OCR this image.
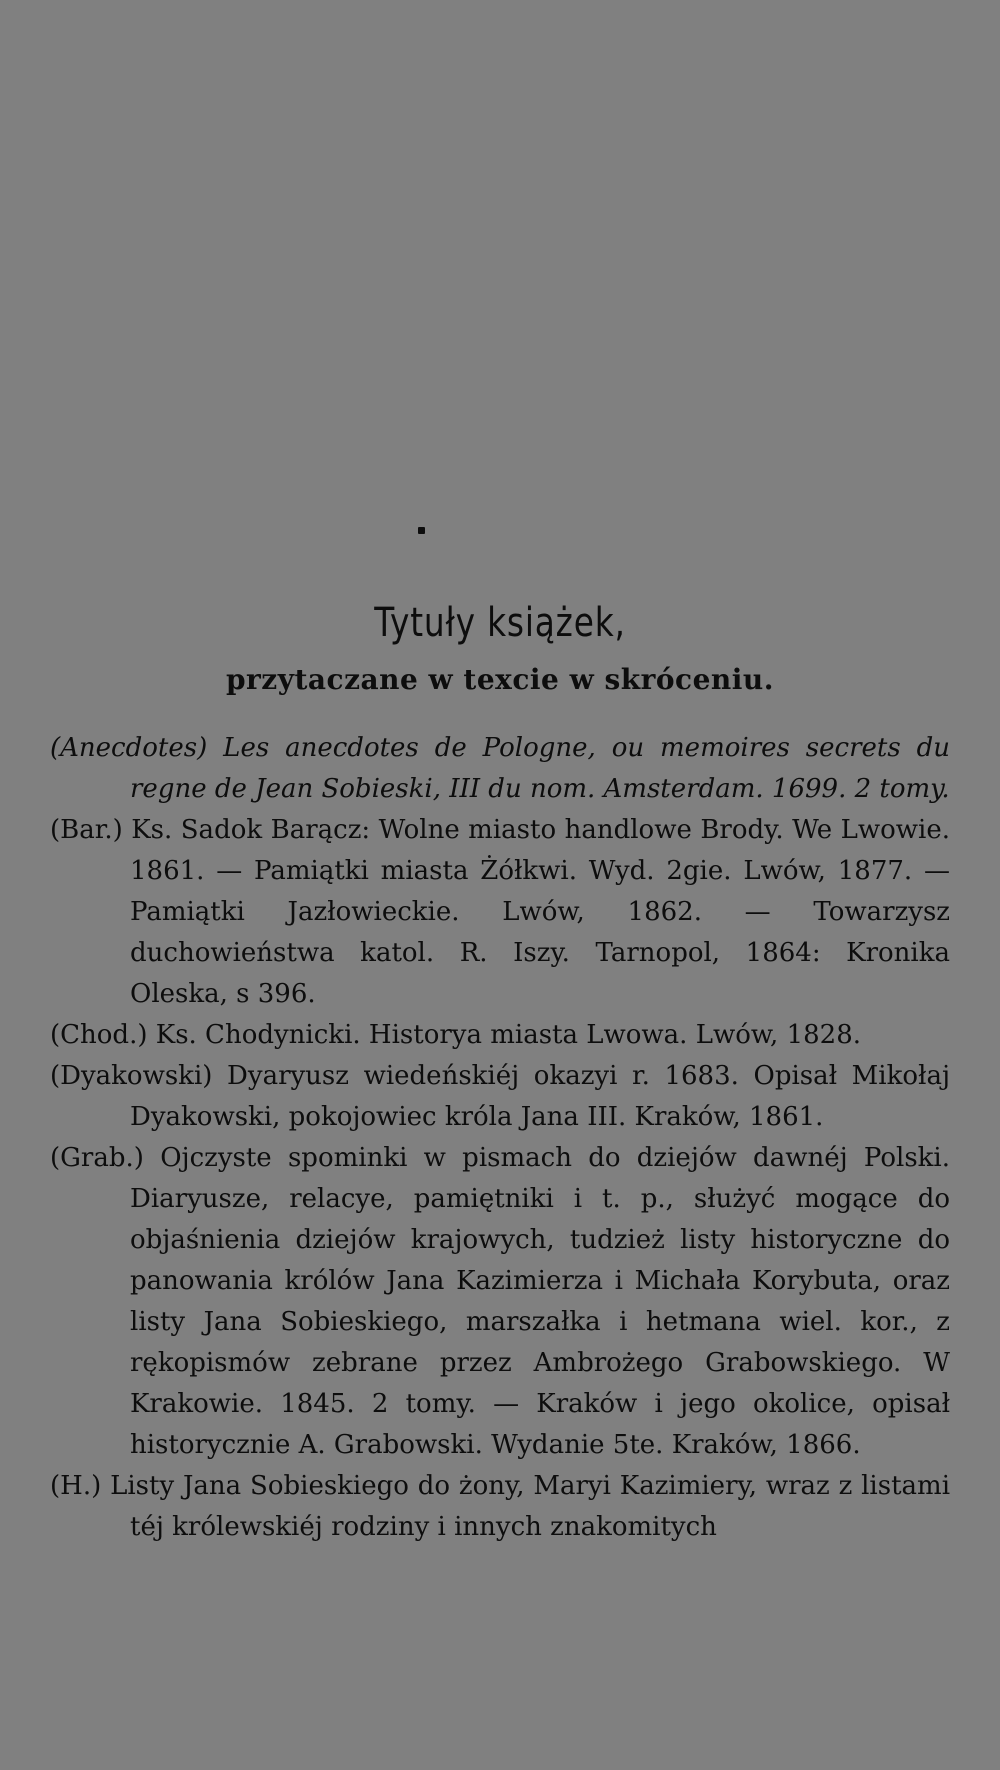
Tytuły książek,
przytaczane w texcie w skróceniu.

(Anecdotes) Les anecdotes de Pologne, ou memoires secrets du regne de Jean Sobieski, III du nom. Amsterdam. 1699. 2 tomy.

(Bar.) Ks. Sadok Barącz: Wolne miasto handlowe Brody. We Lwowie. 1861. — Pamiątki miasta Żółkwi. Wyd. 2gie. Lwów, 1877. — Pamiątki Jazłowieckie. Lwów, 1862. — Towarzysz duchowieństwa katol. R. Iszy. Tarnopol, 1864: Kronika Oleska, s 396.

(Chod.) Ks. Chodynicki. Historya miasta Lwowa. Lwów, 1828.

(Dyakowski) Dyaryusz wiedeńskiéj okazyi r. 1683. Opisał Mikołaj Dyakowski, pokojowiec króla Jana III. Kraków, 1861.

(Grab.) Ojczyste spominki w pismach do dziejów dawnéj Polski. Diaryusze, relacye, pamiętniki i t. p., służyć mogące do objaśnienia dziejów krajowych, tudzież listy historyczne do panowania królów Jana Kazimierza i Michała Korybuta, oraz listy Jana Sobieskiego, marszałka i hetmana wiel. kor., z rękopismów zebrane przez Ambrożego Grabowskiego. W Krakowie. 1845. 2 tomy. — Kraków i jego okolice, opisał historycznie A. Grabowski. Wydanie 5te. Kraków, 1866.

(H.) Listy Jana Sobieskiego do żony, Maryi Kazimiery, wraz z listami téj królewskiéj rodziny i innych znakomitych
